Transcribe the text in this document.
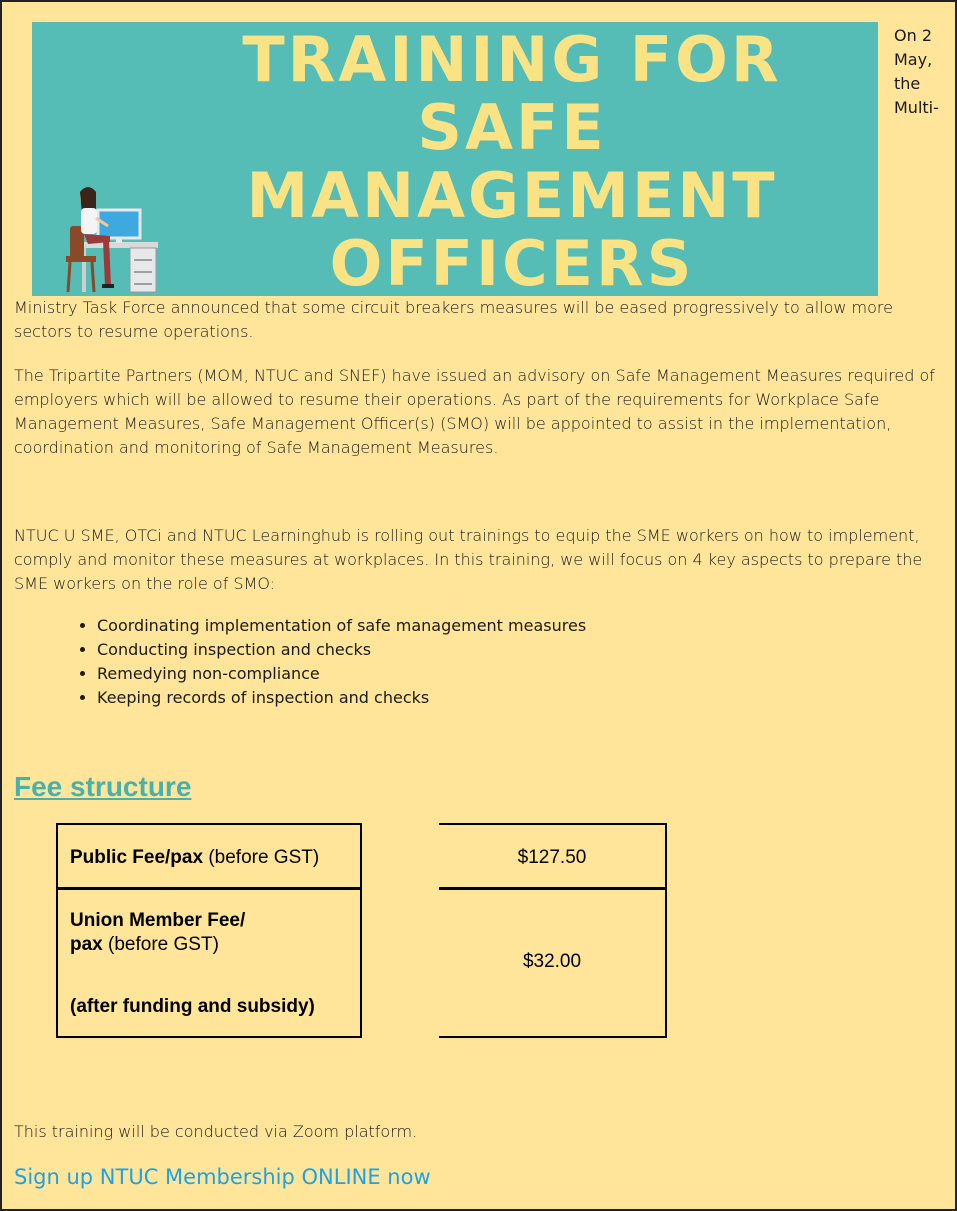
TRAINING FOR
SAFE
MANAGEMENT
OFFICERS
On 2 May, the Multi-

Ministry Task Force announced that some circuit breakers measures will be eased progressively to allow more sectors to resume operations.

The Tripartite Partners (MOM, NTUC and SNEF) have issued an advisory on Safe Management Measures required of employers which will be allowed to resume their operations. As part of the requirements for Workplace Safe Management Measures, Safe Management Officer(s) (SMO) will be appointed to assist in the implementation, coordination and monitoring of Safe Management Measures.

NTUC U SME, OTCi and NTUC Learninghub is rolling out trainings to equip the SME workers on how to implement, comply and monitor these measures at workplaces. In this training, we will focus on 4 key aspects to prepare the SME workers on the role of SMO:

• Coordinating implementation of safe management measures
• Conducting inspection and checks
• Remedying non-compliance
• Keeping records of inspection and checks
Fee structure
Public Fee/pax (before GST)
Union Member Fee/
pax (before GST)
(after funding and subsidy)
$127.50
$32.00
This training will be conducted via Zoom platform.
Sign up NTUC Membership ONLINE now
